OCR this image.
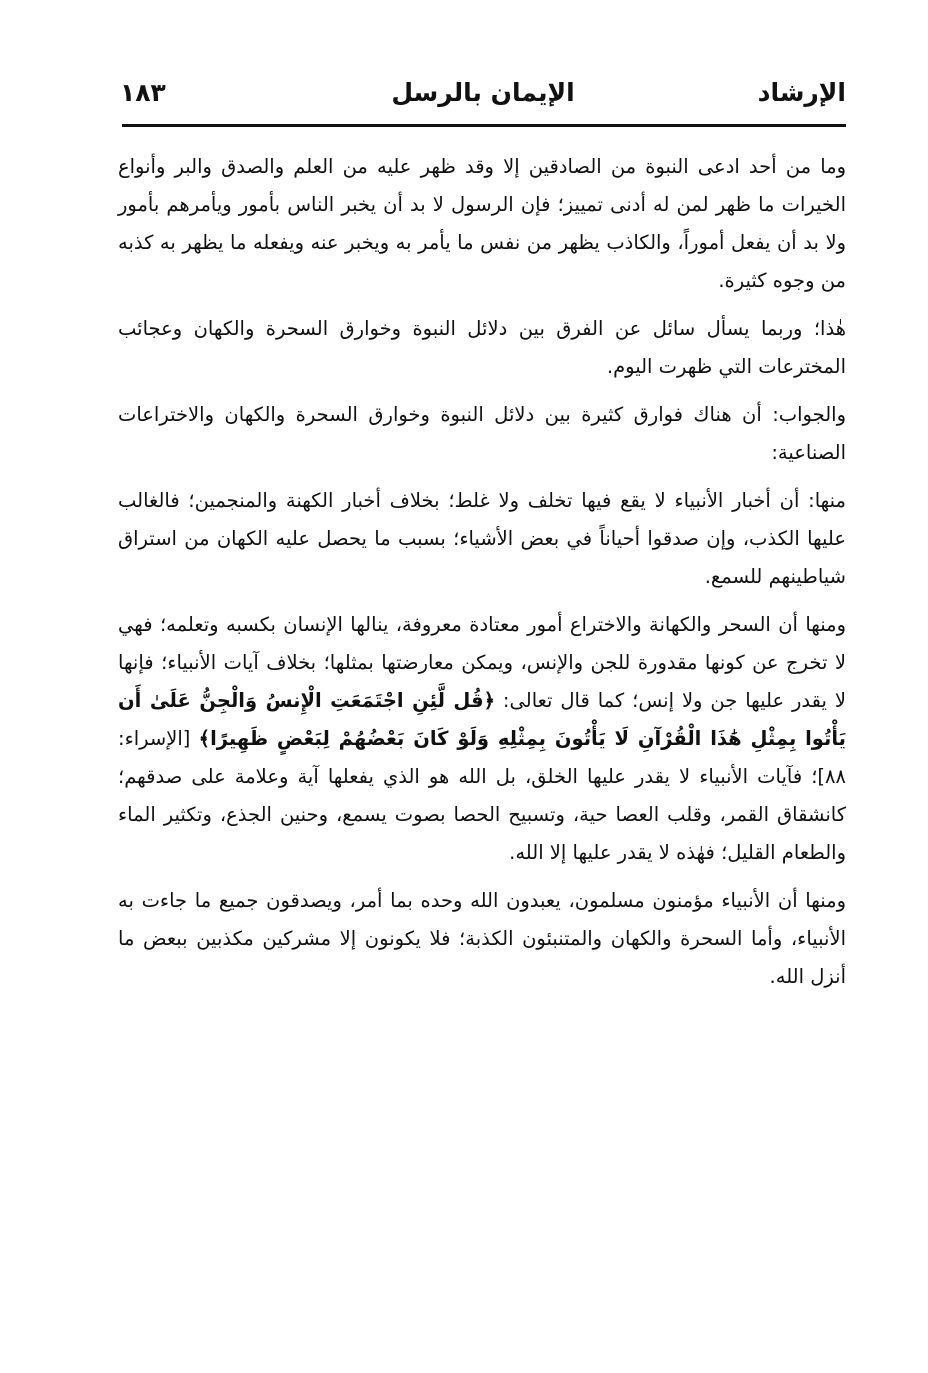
الإرشاد
الإيمان بالرسل
١٨٣

وما من أحد ادعى النبوة من الصادقين إلا وقد ظهر عليه من العلم والصدق والبر وأنواع الخيرات ما ظهر لمن له أدنى تمييز؛ فإن الرسول لا بد أن يخبر الناس بأمور ويأمرهم بأمور ولا بد أن يفعل أموراً، والكاذب يظهر من نفس ما يأمر به ويخبر عنه ويفعله ما يظهر به كذبه من وجوه كثيرة.

هٰذا؛ وربما يسأل سائل عن الفرق بين دلائل النبوة وخوارق السحرة والكهان وعجائب المخترعات التي ظهرت اليوم.

والجواب: أن هناك فوارق كثيرة بين دلائل النبوة وخوارق السحرة والكهان والاختراعات الصناعية:

منها: أن أخبار الأنبياء لا يقع فيها تخلف ولا غلط؛ بخلاف أخبار الكهنة والمنجمين؛ فالغالب عليها الكذب، وإن صدقوا أحياناً في بعض الأشياء؛ بسبب ما يحصل عليه الكهان من استراق شياطينهم للسمع.

ومنها أن السحر والكهانة والاختراع أمور معتادة معروفة، ينالها الإنسان بكسبه وتعلمه؛ فهي لا تخرج عن كونها مقدورة للجن والإنس، ويمكن معارضتها بمثلها؛ بخلاف آيات الأنبياء؛ فإنها لا يقدر عليها جن ولا إنس؛ كما قال تعالى: ﴿قُل لَّئِنِ اجْتَمَعَتِ الْإِنسُ وَالْجِنُّ عَلَىٰ أَن يَأْتُوا بِمِثْلِ هَٰذَا الْقُرْآنِ لَا يَأْتُونَ بِمِثْلِهِ وَلَوْ كَانَ بَعْضُهُمْ لِبَعْضٍ ظَهِيرًا﴾ [الإسراء: ٨٨]؛ فآيات الأنبياء لا يقدر عليها الخلق، بل الله هو الذي يفعلها آية وعلامة على صدقهم؛ كانشقاق القمر، وقلب العصا حية، وتسبيح الحصا بصوت يسمع، وحنين الجذع، وتكثير الماء والطعام القليل؛ فهٰذه لا يقدر عليها إلا الله.

ومنها أن الأنبياء مؤمنون مسلمون، يعبدون الله وحده بما أمر، ويصدقون جميع ما جاءت به الأنبياء، وأما السحرة والكهان والمتنبئون الكذبة؛ فلا يكونون إلا مشركين مكذبين ببعض ما أنزل الله.
